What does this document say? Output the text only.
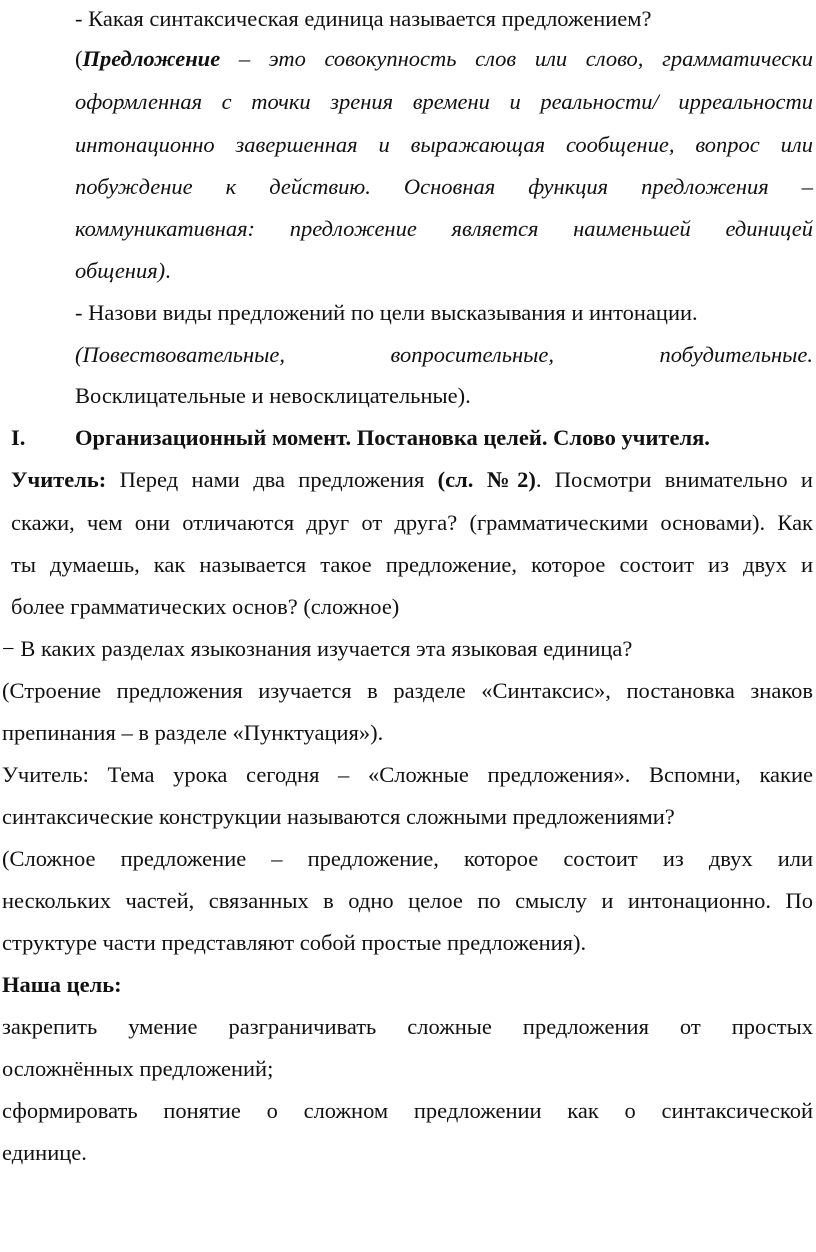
- Какая синтаксическая единица называется предложением?
(Предложение – это совокупность слов или слово, грамматически
оформленная с точки зрения времени и реальности/ ирреальности
интонационно завершенная и выражающая сообщение, вопрос или
побуждение к действию. Основная функция предложения –
коммуникативная: предложение является наименьшей единицей
общения).
- Назови виды предложений по цели высказывания и интонации.
(Повествовательные,	вопросительные,	побудительные.
Восклицательные и невосклицательные).
I. Организационный момент. Постановка целей. Слово учителя.
Учитель: Перед нами два предложения (сл. №2). Посмотри внимательно и
скажи, чем они отличаются друг от друга? (грамматическими основами). Как
ты думаешь, как называется такое предложение, которое состоит из двух и
более грамматических основ? (сложное)
− В каких разделах языкознания изучается эта языковая единица?
(Строение предложения изучается в разделе «Синтаксис», постановка знаков
препинания – в разделе «Пунктуация»).
Учитель: Тема урока сегодня – «Сложные предложения». Вспомни, какие
синтаксические конструкции называются сложными предложениями?
(Сложное предложение – предложение, которое состоит из двух или
нескольких частей, связанных в одно целое по смыслу и интонационно. По
структуре части представляют собой простые предложения).
Наша цель:
закрепить умение разграничивать сложные предложения от простых
осложнённых предложений;
сформировать понятие о сложном предложении как о синтаксической
единице.
